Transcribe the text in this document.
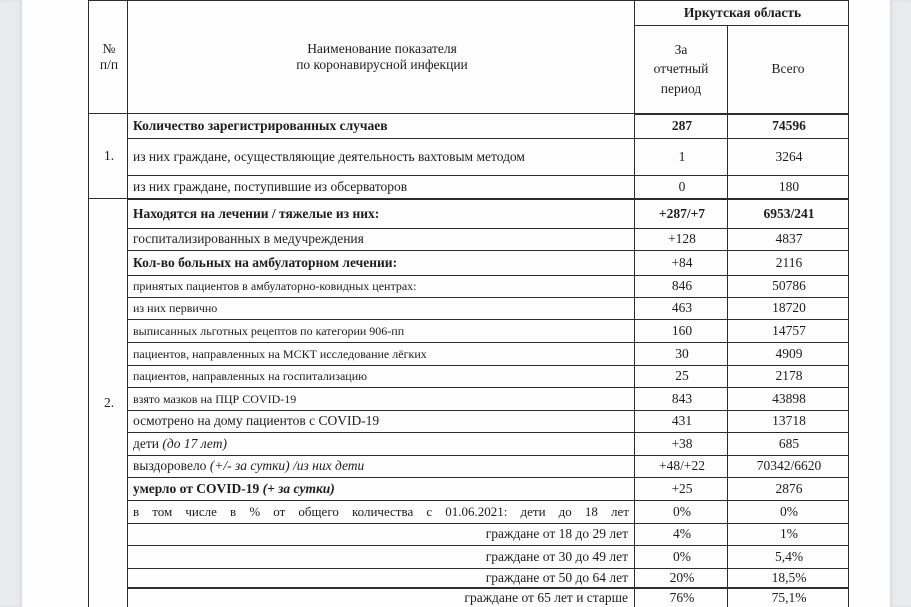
№
п/п

Наименование показателя
по коронавирусной инфекции
	Иркутская область
		За отчетный период	Всего
1.	Количество зарегистрированных случаев	287	74596
	из них граждане, осуществляющие деятельность вахтовым методом	1	3264
	из них граждане, поступившие из обсерваторов	0	180
2.	Находятся на лечении / тяжелые из них:	+287/+7	6953/241
	госпитализированных в медучреждения	+128	4837
	Кол-во больных на амбулаторном лечении:	+84	2116
	принятых пациентов в амбулаторно-ковидных центрах:	846	50786
	из них первично	463	18720
	выписанных льготных рецептов по категории 906-пп	160	14757
	пациентов, направленных на МСКТ исследование лёгких	30	4909
	пациентов, направленных на госпитализацию	25	2178
	взято мазков на ПЦР COVID-19	843	43898
	осмотрено на дому пациентов с COVID-19	431	13718
	дети (до 17 лет)	+38	685
	выздоровело (+/- за сутки) /из них дети	+48/+22	70342/6620
	умерло от COVID-19 (+ за сутки)	+25	2876
	в том числе в % от общего количества с 01.06.2021: дети до 18 лет	0%	0%
	граждане от 18 до 29 лет	4%	1%
	граждане от 30 до 49 лет	0%	5,4%
	граждане от 50 до 64 лет	20%	18,5%
	граждане от 65 лет и старше	76%	75,1%
